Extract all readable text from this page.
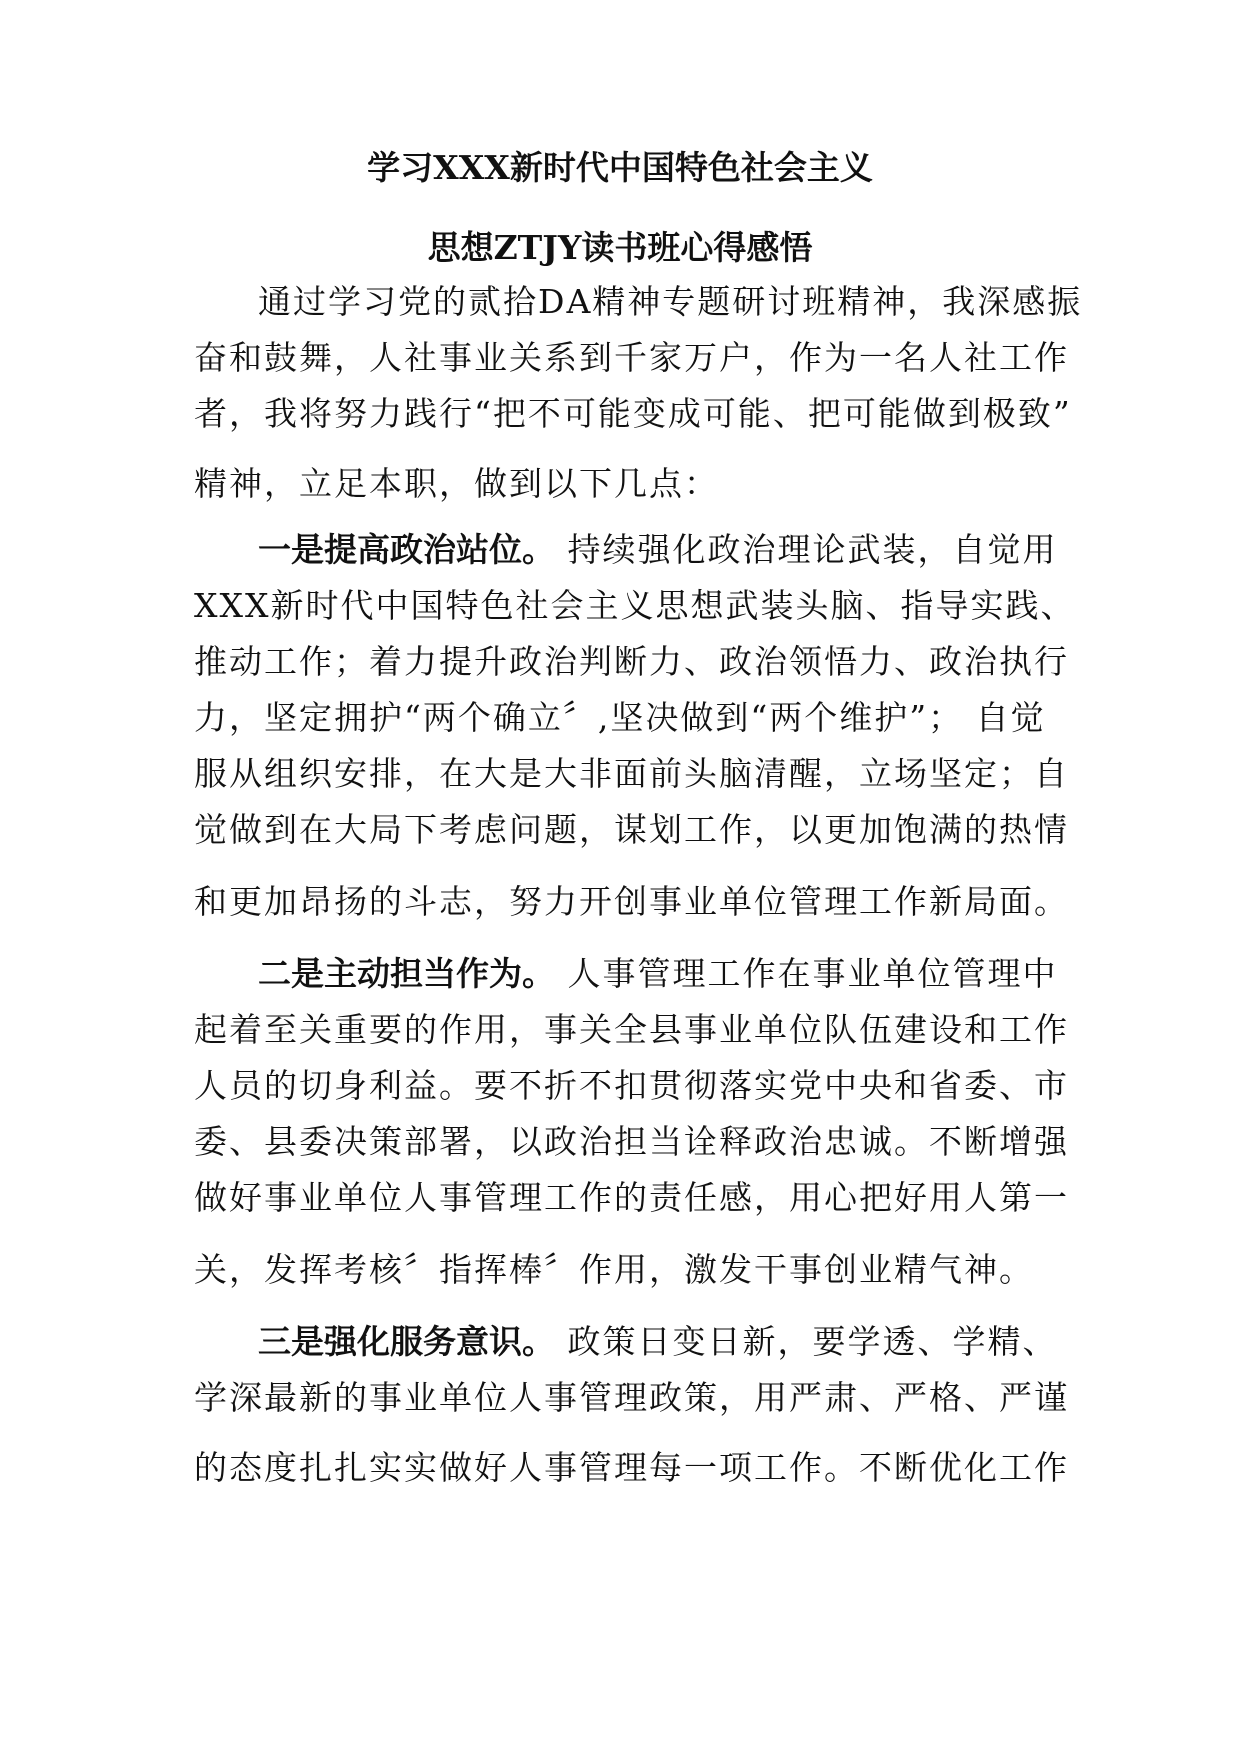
学习XXX新时代中国特色社会主义
思想ZTJY读书班心得感悟
通过学习党的贰拾DA精神专题研讨班精神，我深感振
奋和鼓舞，人社事业关系到千家万户，作为一名人社工作
者，我将努力践行“把不可能变成可能、把可能做到极致”
精神，立足本职，做到以下几点：
一是提高政治站位。 持续强化政治理论武装，自觉用
XXX新时代中国特色社会主义思想武装头脑、指导实践、
推动工作；着力提升政治判断力、政治领悟力、政治执行
力，坚定拥护“两个确立〞,坚决做到“两个维护”； 自觉
服从组织安排，在大是大非面前头脑清醒，立场坚定；自
觉做到在大局下考虑问题，谋划工作，以更加饱满的热情
和更加昂扬的斗志，努力开创事业单位管理工作新局面。
二是主动担当作为。 人事管理工作在事业单位管理中
起着至关重要的作用，事关全县事业单位队伍建设和工作
人员的切身利益。要不折不扣贯彻落实党中央和省委、市
委、县委决策部署，以政治担当诠释政治忠诚。不断增强
做好事业单位人事管理工作的责任感，用心把好用人第一
关，发挥考核〞指挥棒〞作用，激发干事创业精气神。
三是强化服务意识。 政策日变日新，要学透、学精、
学深最新的事业单位人事管理政策，用严肃、严格、严谨
的态度扎扎实实做好人事管理每一项工作。不断优化工作
